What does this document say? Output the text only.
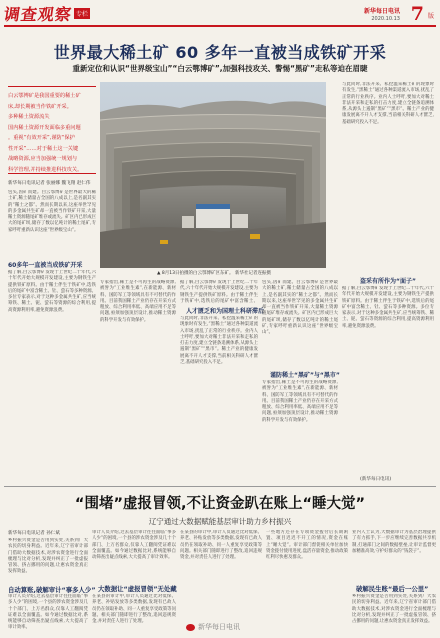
调查观察 专栏	新华每日电讯
2020.10.13 7 版
世界最大稀土矿 60 多年一直被当成铁矿开采
重新定位和认识“世界级宝山”“白云鄂博矿”,加强科技攻关、警惕“黑矿”走私等迫在眉睫

白云鄂博矿是我国重要的稀土矿

床,却长期被当作铁矿开采。

多种稀土资源流失

国内稀土资源开发面临多重问题

。重视“有效开采”,谨防“保护

性开采”……对于稀土这一关键

战略资源,应当加强统一规划与

科学管理,并持续推进科技攻关。

新华每日电讯记者 张丽娜 魏飞翔 赵仁伟
▲ 8月13日拍摄的白云鄂博矿区东矿。 新华社记者连振摄
包头,因矿而建。白云鄂博矿是世界最大的稀土矿,稀土储量占全国的八成以上,是名副其实的“稀土之都”。然而长期以来,这座举世罕见的多金属共生矿却一直被当作铁矿开采,大量稀土资源随尾矿堆存或流失。矿区内已形成巨大的尾矿坝,储存了数以亿吨计的稀土尾矿,专家呼吁重新认识这座“世界级宝山”。
60多年一直被当成铁矿开采
据了解,白云鄂博矿发现于上世纪二十年代,六十年代开始大规模开发建设,主要为钢铁生产提供铁矿原料。由于稀土伴生于铁矿中,选铁后的尾矿中富含稀土、钍、萤石等多种资源。多位专家表示,对于这种多金属共生矿,应当统筹铁、稀土、铌、萤石等资源的综合利用,提高资源利用率,避免资源浪费。
专家指出,稀土是不可再生的战略资源,被誉为“工业维生素”,在新能源、新材料、国防军工等领域具有不可替代的作用。目前我国稀土产业仍存在开采方式粗放、综合利用率低、高端应用不足等问题,亟须加强顶层设计,推动稀土资源的科学开发与有效保护。
据了解,白云鄂博矿发现于上世纪二十年代,六十年代开始大规模开发建设,主要为钢铁生产提供铁矿原料。由于稀土伴生于铁矿中,选铁后的尾矿中富含稀土、
人才匮乏和为国理土科研滞后
与此同时,非法开采、私挖滥采稀土矿的现象时有发生,“黑稀土”通过各种渠道流入市场,扰乱了正常的行业秩序。业内人士呼吁,要加大对稀土非法开采和走私的打击力度,建立全链条追溯体系,从源头上遏制“黑矿”“黑市”。稀土产业的健康发展离不开人才支撑,当前相关科研人才匮乏,基础研究投入不足。
包头,因矿而建。白云鄂博矿是世界最大的稀土矿,稀土储量占全国的八成以上,是名副其实的“稀土之都”。然而长期以来,这座举世罕见的多金属共生矿却一直被当作铁矿开采,大量稀土资源随尾矿堆存或流失。矿区内已形成巨大的尾矿坝,储存了数以亿吨计的稀土尾矿,专家呼吁重新认识这座“世界级宝山”。
谨防稀土“黑矿”与“黑市”
专家指出,稀土是不可再生的战略资源,被誉为“工业维生素”,在新能源、新材料、国防军工等领域具有不可替代的作用。目前我国稀土产业仍存在开采方式粗放、综合利用率低、高端应用不足等问题,亟须加强顶层设计,推动稀土资源的科学开发与有效保护。
与此同时,非法开采、私挖滥采稀土矿的现象时有发生,“黑稀土”通过各种渠道流入市场,扰乱了正常的行业秩序。业内人士呼吁,要加大对稀土非法开采和走私的打击力度,建立全链条追溯体系,从源头上遏制“黑矿”“黑市”。稀土产业的健康发展离不开人才支撑,当前相关科研人才匮乏,基础研究投入不足。
盗采有所作为“面子”
据了解,白云鄂博矿发现于上世纪二十年代,六十年代开始大规模开发建设,主要为钢铁生产提供铁矿原料。由于稀土伴生于铁矿中,选铁后的尾矿中富含稀土、钍、萤石等多种资源。多位专家表示,对于这种多金属共生矿,应当统筹铁、稀土、铌、萤石等资源的综合利用,提高资源利用率,避免资源浪费。
(新华每日电讯)
“围堵”虚报冒领,不让资金趴在账上“睡大觉”
辽宁通过大数据赋能基层审计助力乡村振兴
新华每日电讯记者 孙仁斌
乡村振兴资金是否用到实处,关系到广大农民的切身利益。近年来,辽宁省审计部门借助大数据技术,对涉农资金进行全面梳理与比对分析,发现并纠正了一批虚报冒领、挤占挪用的问题,让惠农资金真正发挥效益。
自动算账,破解审计“事多人少”
审计人员介绍,过去基层审计往往面临“事多人少”的困境,一个县的涉农资金涉及几十个部门、上万名群众,仅靠人工翻阅凭证难以全面覆盖。如今通过数据比对,系统能够自动筛查出疑点线索,大大提高了审计效率。
审计人员介绍,过去基层审计往往面临“事多人少”的困境,一个县的涉农资金涉及几十个部门、上万名群众,仅靠人工翻阅凭证难以全面覆盖。如今通过数据比对,系统能够自动筛查出疑点线索,大大提高了审计效率。
大数据让“虚报冒领”无处藏
在某县的审计中,审计人员通过比对低保、养老、补贴发放等多类数据,发现有已故人员仍在领取补助、同一人重复享受政策等问题。相关部门随即进行了整改,追回违规资金,并对责任人进行了处理。
在某县的审计中,审计人员通过比对低保、养老、补贴发放等多类数据,发现有已故人员仍在领取补助、同一人重复享受政策等问题。相关部门随即进行了整改,追回违规资金,并对责任人进行了处理。
一些地方还存在专项资金拨付后长期闲置、项目迟迟不开工的情况,资金在账上“睡大觉”。审计部门督促相关单位加快资金拨付使用进度,盘活存量资金,推动政策红利尽快惠及群众。
业内人士认为,大数据审计为基层治理提供了有力抓手,下一步应继续完善数据共享机制,打通部门之间的数据壁垒,让审计监督更加精准高效,守护好群众的“钱袋子”。
破解民生账“最后一公里”
乡村振兴资金是否用到实处,关系到广大农民的切身利益。近年来,辽宁省审计部门借助大数据技术,对涉农资金进行全面梳理与比对分析,发现并纠正了一批虚报冒领、挤占挪用的问题,让惠农资金真正发挥效益。
新华每日电讯
